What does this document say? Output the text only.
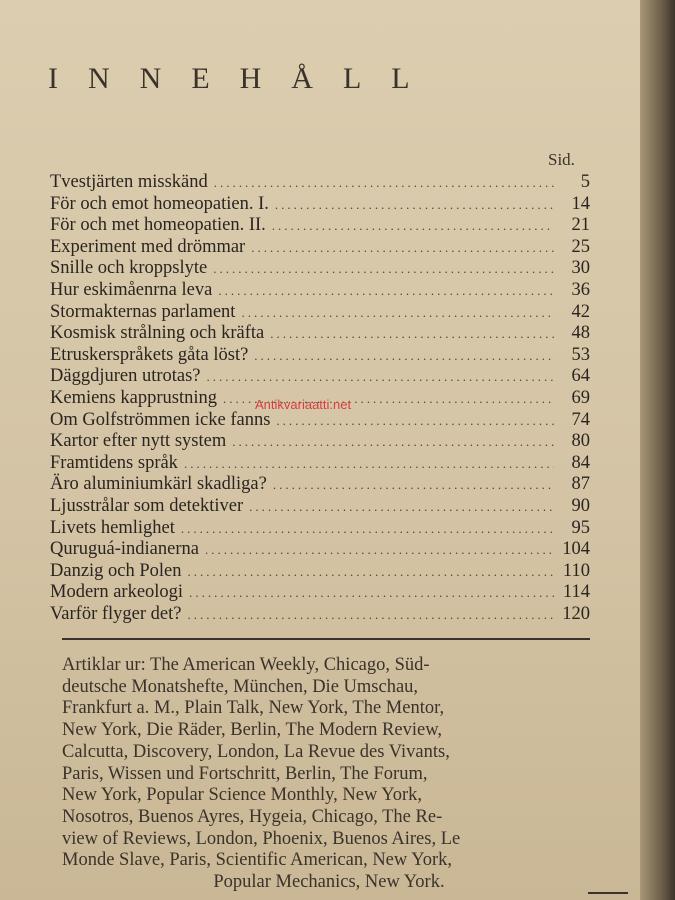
INNEHÅLL
Sid.
Tvestjärten misskänd .....	5
För och emot homeopatien. I. .....	14
För och met homeopatien. II. .....	21
Experiment med drömmar .....	25
Snille och kroppslyte .....	30
Hur eskimåenrna leva .....	36
Stormakternas parlament .....	42
Kosmisk strålning och kräfta .....	48
Etruskerspråkets gåta löst? .....	53
Däggdjuren utrotas? .....	64
Kemiens kapprustning .....	69
Om Golfströmmen icke fanns .....	74
Kartor efter nytt system .....	80
Framtidens språk .....	84
Äro aluminiumkärl skadliga? .....	87
Ljusstrålar som detektiver .....	90
Livets hemlighet .....	95
Quruguá-indianerna .....	104
Danzig och Polen .....	110
Modern arkeologi .....	114
Varför flyger det? .....	120
Antikvariaatti.net

Artiklar ur: The American Weekly, Chicago, Süd-
deutsche Monatshefte, München, Die Umschau,
Frankfurt a. M., Plain Talk, New York, The Mentor,
New York, Die Räder, Berlin, The Modern Review,
Calcutta, Discovery, London, La Revue des Vivants,
Paris, Wissen und Fortschritt, Berlin, The Forum,
New York, Popular Science Monthly, New York,
Nosotros, Buenos Ayres, Hygeia, Chicago, The Re-
view of Reviews, London, Phoenix, Buenos Aires, Le
Monde Slave, Paris, Scientific American, New York,
Popular Mechanics, New York.
